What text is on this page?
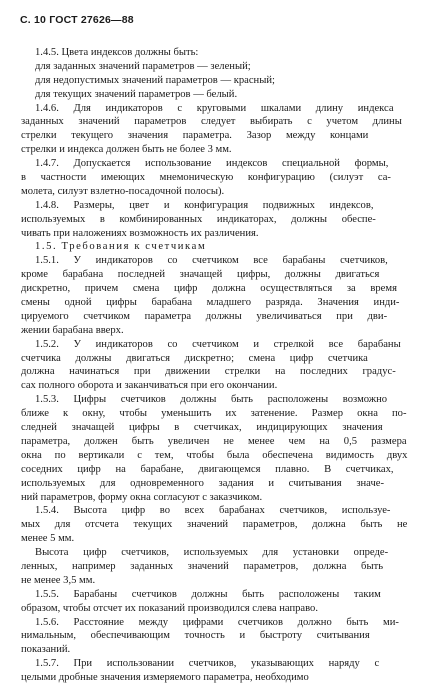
С. 10 ГОСТ 27626—88
1.4.5. Цвета индексов должны быть:
для заданных значений параметров — зеленый;
для недопустимых значений параметров — красный;
для текущих значений параметров — белый.
1.4.6. Для индикаторов с круговыми шкалами длину индекса
заданных значений параметров следует выбирать с учетом длины
стрелки текущего значения параметра. Зазор между концами
стрелки и индекса должен быть не более 3 мм.
1.4.7. Допускается использование индексов специальной формы,
в частности имеющих мнемоническую конфигурацию (силуэт са-
молета, силуэт взлетно-посадочной полосы).
1.4.8. Размеры, цвет и конфигурация подвижных индексов,
используемых в комбинированных индикаторах, должны обеспе-
чивать при наложениях возможность их различения.
1.5. Требования к счетчикам
1.5.1. У индикаторов со счетчиком все барабаны счетчиков,
кроме барабана последней значащей цифры, должны двигаться
дискретно, причем смена цифр должна осуществляться за время
смены одной цифры барабана младшего разряда. Значения инди-
цируемого счетчиком параметра должны увеличиваться при дви-
жении барабана вверх.
1.5.2. У индикаторов со счетчиком и стрелкой все барабаны
счетчика должны двигаться дискретно; смена цифр счетчика
должна начинаться при движении стрелки на последних градус-
сах полного оборота и заканчиваться при его окончании.
1.5.3. Цифры счетчиков должны быть расположены возможно
ближе к окну, чтобы уменьшить их затенение. Размер окна по-
следней значащей цифры в счетчиках, индицирующих значения
параметра, должен быть увеличен не менее чем на 0,5 размера
окна по вертикали с тем, чтобы была обеспечена видимость двух
соседних цифр на барабане, двигающемся плавно. В счетчиках,
используемых для одновременного задания и считывания значе-
ний параметров, форму окна согласуют с заказчиком.
1.5.4. Высота цифр во всех барабанах счетчиков, используе-
мых для отсчета текущих значений параметров, должна быть не
менее 5 мм.
Высота цифр счетчиков, используемых для установки опреде-
ленных, например заданных значений параметров, должна быть
не менее 3,5 мм.
1.5.5. Барабаны счетчиков должны быть расположены таким
образом, чтобы отсчет их показаний производился слева направо.
1.5.6. Расстояние между цифрами счетчиков должно быть ми-
нимальным, обеспечивающим точность и быстроту считывания
показаний.
1.5.7. При использовании счетчиков, указывающих наряду с
целыми дробные значения измеряемого параметра, необходимо
